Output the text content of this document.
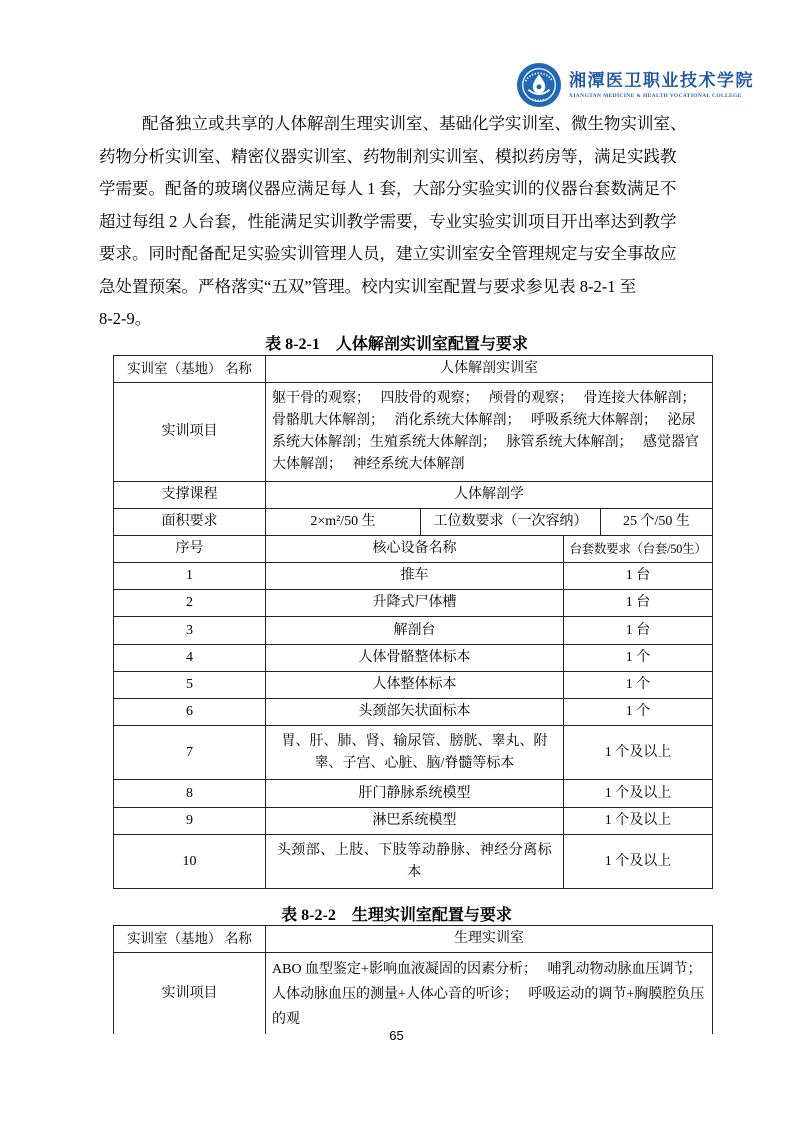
湘潭医卫职业技术学院
XIANGTAN MEDICINE & HEALTH VOCATIONAL COLLEGE
配备独立或共享的人体解剖生理实训室、基础化学实训室、微生物实训室、
药物分析实训室、精密仪器实训室、药物制剂实训室、模拟药房等，满足实践教
学需要。配备的玻璃仪器应满足每人 1 套，大部分实验实训的仪器台套数满足不
超过每组 2 人台套，性能满足实训教学需要，专业实验实训项目开出率达到教学
要求。同时配备配足实验实训管理人员，建立实训室安全管理规定与安全事故应
急处置预案。严格落实“五双”管理。校内实训室配置与要求参见表 8-2-1 至
8-2-9。
表 8-2-1　人体解剖实训室配置与要求
实训室（基地） 名称	人体解剖实训室			
实训项目	躯干骨的观察；　 四肢骨的观察；　 颅骨的观察；　 骨连接大体解剖；　 骨骼肌大体解剖；　 消化系统大体解剖；　 呼吸系统大体解剖；　 泌尿系统大体解剖；生殖系统大体解剖；　 脉管系统大体解剖；　 感觉器官大体解剖；　 神经系统大体解剖			
支撑课程	人体解剖学			
面积要求	2×m²/50 生	工位数要求（一次容纳）		25 个/50 生
序号	核心设备名称		台套数要求（台套/50生）	
1	推车		1 台	
2	升降式尸体槽		1 台	
3	解剖台		1 台	
4	人体骨骼整体标本		1 个	
5	人体整体标本		1 个	
6	头颈部矢状面标本		1 个	
7	胃、肝、肺、肾、输尿管、膀胱、睾丸、附睾、子宫、心脏、脑/脊髓等标本		1 个及以上	
8	肝门静脉系统模型		1 个及以上	
9	淋巴系统模型		1 个及以上	
10	头颈部、上肢、下肢等动静脉、神经分离标本		1 个及以上	
表 8-2-2　生理实训室配置与要求
实训室（基地） 名称	生理实训室
实训项目	ABO 血型鉴定+影响血液凝固的因素分析；　 哺乳动物动脉血压调节；　 人体动脉血压的测量+人体心音的听诊；　 呼吸运动的调节+胸膜腔负压的观
65
